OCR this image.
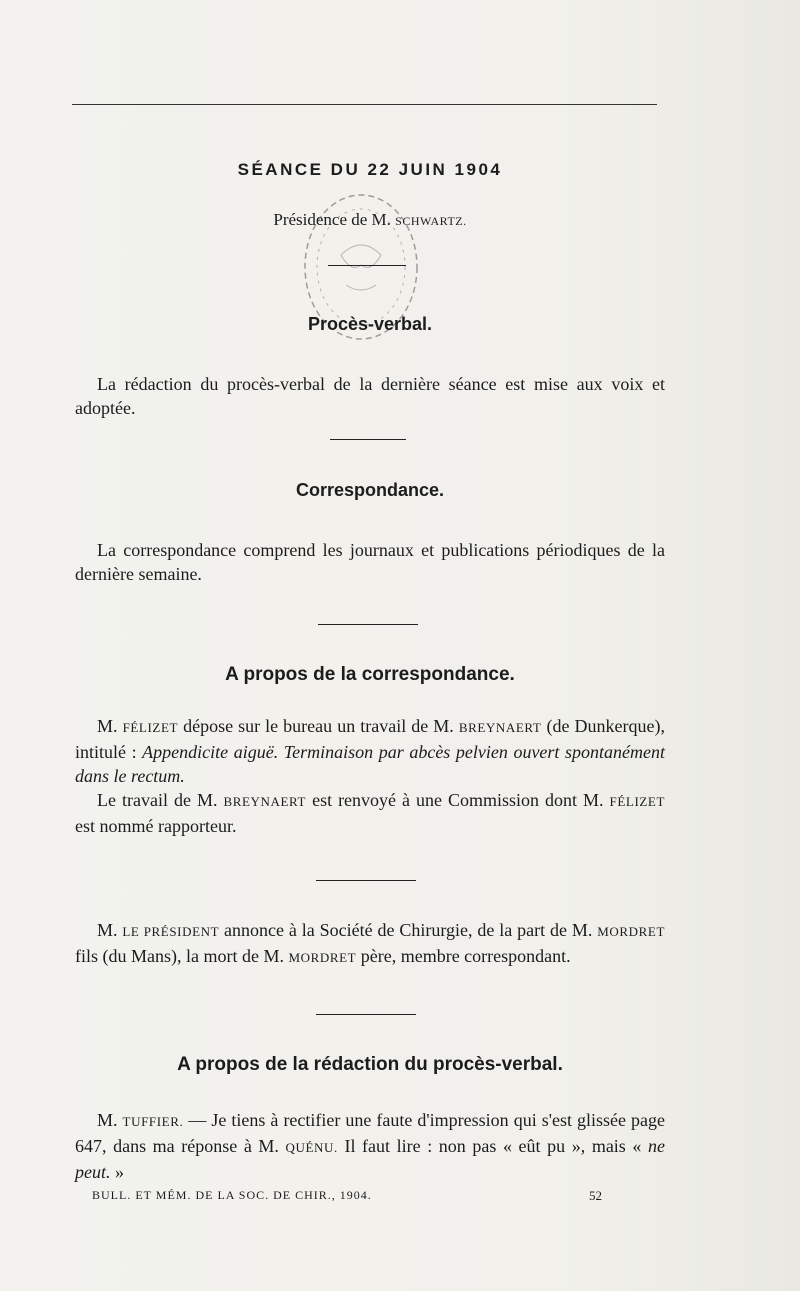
SÉANCE DU 22 JUIN 1904
Présidence de M. SCHWARTZ.
Procès-verbal.

La rédaction du procès-verbal de la dernière séance est mise aux voix et adoptée.

Correspondance.

La correspondance comprend les journaux et publications périodiques de la dernière semaine.

A propos de la correspondance.

M. FÉLIZET dépose sur le bureau un travail de M. BREYNAERT (de Dunkerque), intitulé : Appendicite aiguë. Terminaison par abcès pelvien ouvert spontanément dans le rectum.

Le travail de M. BREYNAERT est renvoyé à une Commission dont M. FÉLIZET est nommé rapporteur.

M. LE PRÉSIDENT annonce à la Société de Chirurgie, de la part de M. MORDRET fils (du Mans), la mort de M. MORDRET père, membre correspondant.

A propos de la rédaction du procès-verbal.

M. TUFFIER. — Je tiens à rectifier une faute d'impression qui s'est glissée page 647, dans ma réponse à M. QUÉNU. Il faut lire : non pas « eût pu », mais « ne peut. »

BULL. ET MÉM. DE LA SOC. DE CHIR., 1904.	52
